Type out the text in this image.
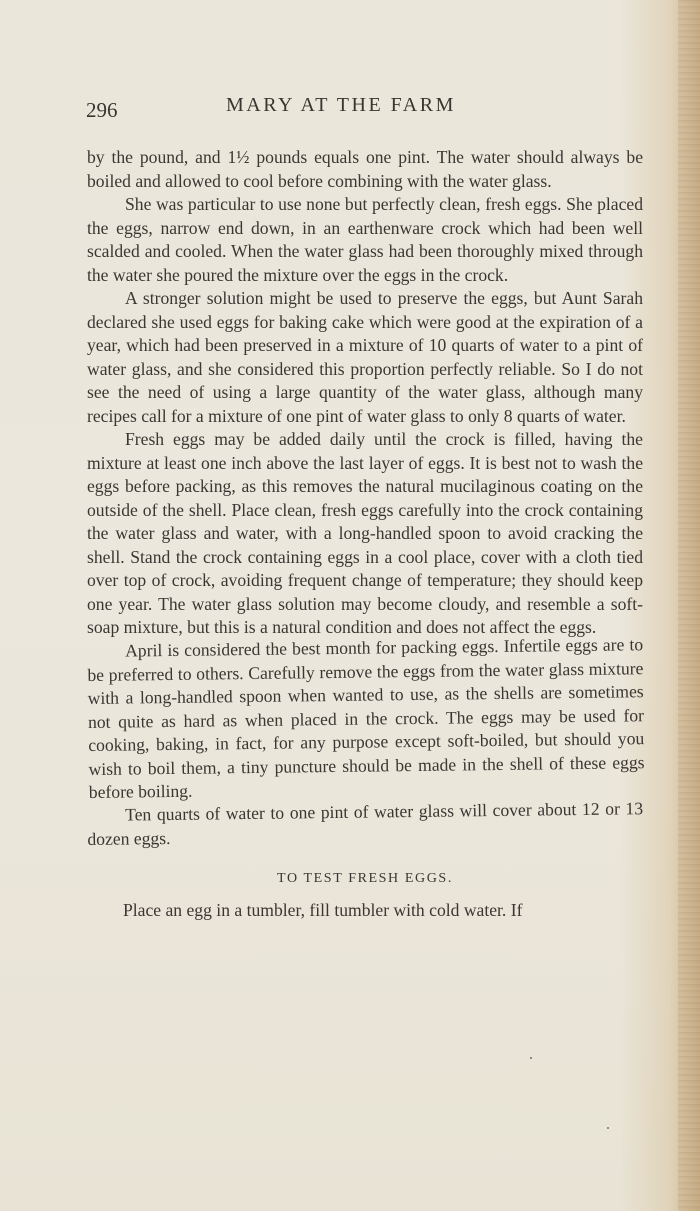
296	MARY AT THE FARM

by the pound, and 1½ pounds equals one pint. The water should always be boiled and allowed to cool before combining with the water glass.

She was particular to use none but perfectly clean, fresh eggs. She placed the eggs, narrow end down, in an earthenware crock which had been well scalded and cooled. When the water glass had been thoroughly mixed through the water she poured the mixture over the eggs in the crock.

A stronger solution might be used to preserve the eggs, but Aunt Sarah declared she used eggs for baking cake which were good at the expiration of a year, which had been preserved in a mixture of 10 quarts of water to a pint of water glass, and she considered this proportion perfectly reliable. So I do not see the need of using a large quantity of the water glass, although many recipes call for a mixture of one pint of water glass to only 8 quarts of water.

Fresh eggs may be added daily until the crock is filled, having the mixture at least one inch above the last layer of eggs. It is best not to wash the eggs before packing, as this removes the natural mucilaginous coating on the outside of the shell. Place clean, fresh eggs carefully into the crock containing the water glass and water, with a long-handled spoon to avoid cracking the shell. Stand the crock containing eggs in a cool place, cover with a cloth tied over top of crock, avoiding frequent change of temperature; they should keep one year. The water glass solution may become cloudy, and resemble a soft-soap mixture, but this is a natural condition and does not affect the eggs.

April is considered the best month for packing eggs. Infertile eggs are to be preferred to others. Carefully remove the eggs from the water glass mixture with a long-handled spoon when wanted to use, as the shells are sometimes not quite as hard as when placed in the crock. The eggs may be used for cooking, baking, in fact, for any purpose except soft-boiled, but should you wish to boil them, a tiny puncture should be made in the shell of these eggs before boiling.

Ten quarts of water to one pint of water glass will cover about 12 or 13 dozen eggs.

TO TEST FRESH EGGS.

Place an egg in a tumbler, fill tumbler with cold water. If
